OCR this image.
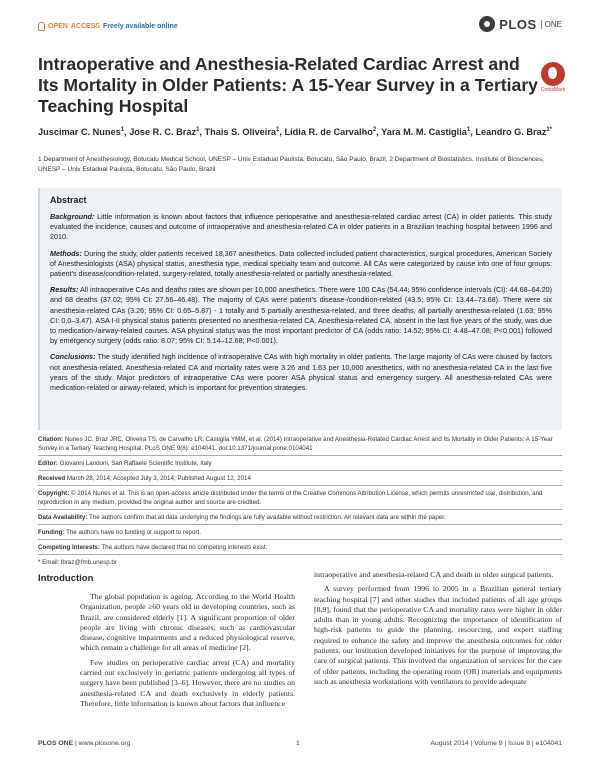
OPEN ACCESS Freely available online	PLOS	ONE
Intraoperative and Anesthesia-Related Cardiac Arrest and Its Mortality in Older Patients: A 15-Year Survey in a Tertiary Teaching Hospital
CrossMark
Juscimar C. Nunes$^1$, Jose R. C. Braz$^1$, Thais S. Oliveira$^1$, Lidia R. de Carvalho$^2$, Yara M. M. Castiglia$^1$, Leandro G. Braz$^{1*}$
1 Department of Anesthesiology, Botucatu Medical School, UNESP – Univ Estadual Paulista, Botucatu, São Paulo, Brazil, 2 Department of Biostatistics, Institute of Biosciences, UNESP – Univ Estadual Paulista, Botucatu, São Paulo, Brazil
Abstract

Background: Little information is known about factors that influence perioperative and anesthesia-related cardiac arrest (CA) in older patients. This study evaluated the incidence, causes and outcome of intraoperative and anesthesia-related CA in older patients in a Brazilian teaching hospital between 1996 and 2010.

Methods: During the study, older patients received 18,367 anesthetics. Data collected included patient characteristics, surgical procedures, American Society of Anesthesiologists (ASA) physical status, anesthesia type, medical specialty team and outcome. All CAs were categorized by cause into one of four groups: patient's disease/condition-related, surgery-related, totally anesthesia-related or partially anesthesia-related.

Results: All intraoperative CAs and deaths rates are shown per 10,000 anesthetics. There were 100 CAs (54.44; 95% confidence intervals (CI): 44.68–64.20) and 68 deaths (37.02; 95% CI: 27.56–46.48). The majority of CAs were patient's disease-/condition-related (43.5; 95% CI: 13.44–73.68). There were six anesthesia-related CAs (3.26; 95% CI: 0.65–5.87) - 1 totally and 5 partially anesthesia-related, and three deaths, all partially anesthesia-related (1.63; 95% CI: 0.0–3.47). ASA I-II physical status patients presented no anesthesia-related CA. Anesthesia-related CA, absent in the last five years of the study, was due to medication-/airway-related causes. ASA physical status was the most important predictor of CA (odds ratio: 14.52; 95% CI: 4.48–47.08; P<0.001) followed by emergency surgery (odds ratio: 8.07; 95% CI: 5.14–12.68; P<0.001).

Conclusions: The study identified high incidence of intraoperative CAs with high mortality in older patients. The large majority of CAs were caused by factors not anesthesia-related. Anesthesia-related CA and mortality rates were 3.26 and 1.63 per 10,000 anesthetics, with no anesthesia-related CA in the last five years of the study. Major predictors of intraoperative CAs were poorer ASA physical status and emergency surgery. All anesthesia-related CAs were medication-related or airway-related, which is important for prevention strategies.

Citation: Nunes JC, Braz JRC, Oliveira TS, de Carvalho LR, Castiglia YMM, et al. (2014) Intraoperative and Anesthesia-Related Cardiac Arrest and Its Mortality in Older Patients: A 15-Year Survey in a Tertiary Teaching Hospital. PLoS ONE 9(8): e104041. doi:10.1371/journal.pone.0104041
Editor: Giovanni Landoni, San Raffaele Scientific Institute, Italy
Received March 28, 2014; Accepted July 3, 2014; Published August 12, 2014
Copyright: © 2014 Nunes et al. This is an open-access article distributed under the terms of the Creative Commons Attribution License, which permits unrestricted use, distribution, and reproduction in any medium, provided the original author and source are credited.
Data Availability: The authors confirm that all data underlying the findings are fully available without restriction. All relevant data are within the paper.
Funding: The authors have no funding or support to report.
Competing Interests: The authors have declared that no competing interests exist.
* Email: lbraz@fmb.unesp.br
Introduction

The global population is ageing. According to the World Health Organization, people ≥60 years old in developing countries, such as Brazil, are considered elderly [1]. A significant proportion of older people are living with chronic diseases, such as cardiovascular disease, cognitive impairments and a reduced physiological reserve, which remain a challenge for all areas of medicine [2].

Few studies on perioperative cardiac arrest (CA) and mortality carried out exclusively in geriatric patients undergoing all types of surgery have been published [3–6]. However, there are no studies on anesthesia-related CA and death exclusively in elderly patients. Therefore, little information is known about factors that influence

intraoperative and anesthesia-related CA and death in older surgical patients.

A survey performed from 1996 to 2005 in a Brazilian general tertiary teaching hospital [7] and other studies that included patients of all age groups [8,9], found that the perioperative CA and mortality rates were higher in older adults than in young adults. Recognizing the importance of identification of high-risk patients to guide the planning, resourcing, and expert staffing required to enhance the safety and improve the anesthesia outcomes for older patients, our institution developed initiatives for the purpose of improving the care of surgical patients. This involved the organization of services for the care of older patients, including the operating room (OR) materials and equipments such as anesthesia workstations with ventilators to provide adequate

PLOS ONE | www.plosone.org	1	August 2014 | Volume 9 | Issue 8 | e104041
